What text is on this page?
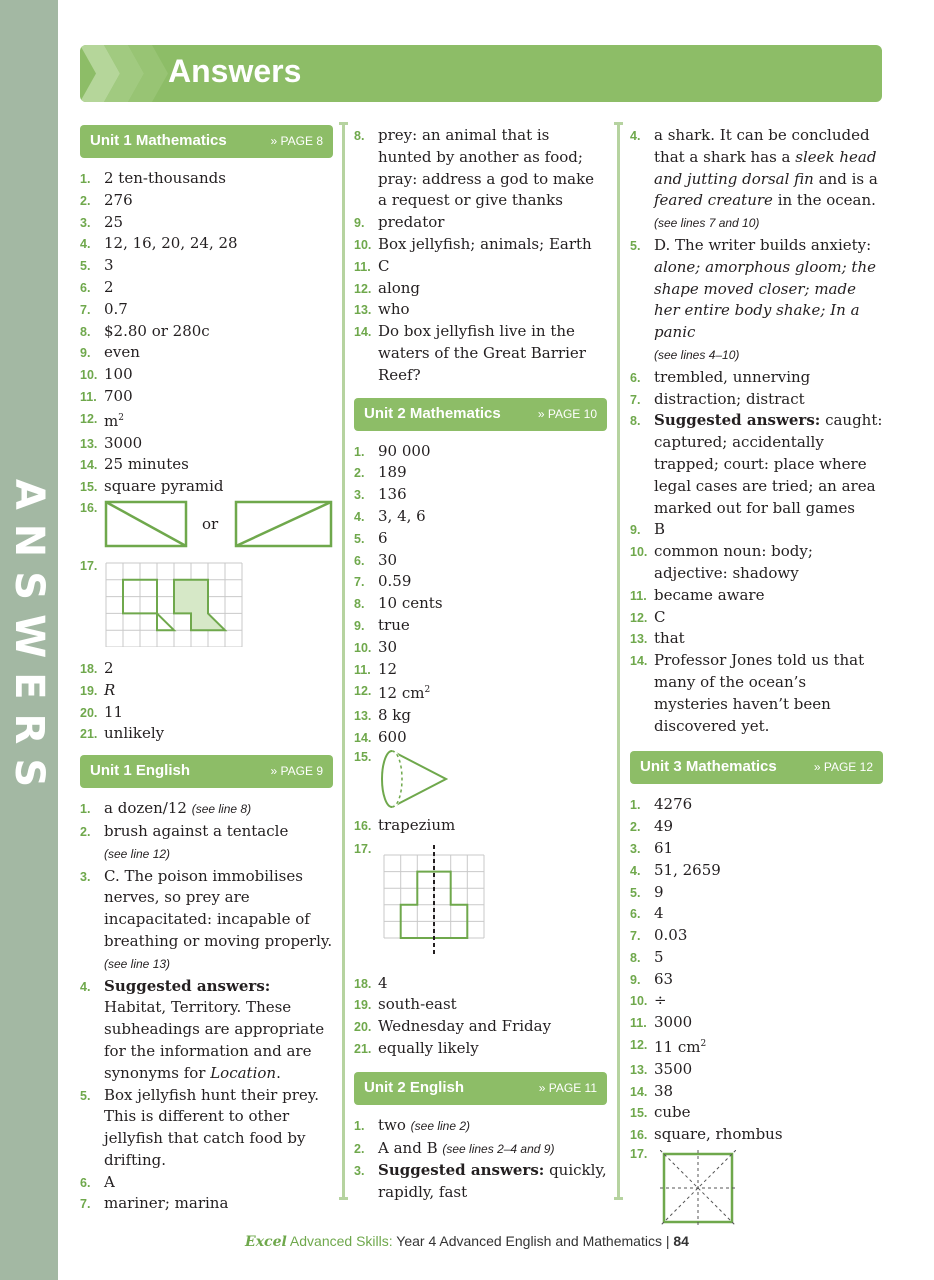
ANSWERS
Answers
Unit 1 Mathematics	» PAGE 8
1. 2 ten-thousands
2. 276
3. 25
4. 12, 16, 20, 24, 28
5. 3
6. 2
7. 0.7
8. $2.80 or 280c
9. even
10. 100
11. 700
12. $m^2$
13. 3000
14. 25 minutes
15. square pyramid
16.
or
17.
18. 2
19. R
20. 11
21. unlikely
Unit 1 English	» PAGE 9
1. a dozen/12 (see line 8)
2. brush against a tentacle
(see line 12)
3. C. The poison immobilises nerves, so prey are incapacitated: incapable of breathing or moving properly. (see line 13)
4. Suggested answers: Habitat, Territory. These subheadings are appropriate for the information and are synonyms for Location.
5. Box jellyfish hunt their prey. This is different to other jellyfish that catch food by drifting.
6. A
7. mariner; marina
8. prey: an animal that is hunted by another as food; pray: address a god to make a request or give thanks
9. predator
10. Box jellyfish; animals; Earth
11. C
12. along
13. who
14. Do box jellyfish live in the waters of the Great Barrier Reef?
Unit 2 Mathematics	» PAGE 10
1. 90 000
2. 189
3. 136
4. 3, 4, 6
5. 6
6. 30
7. 0.59
8. 10 cents
9. true
10. 30
11. 12
12. 12 $cm^2$
13. 8 kg
14. 600
15.
16. trapezium
17.
18. 4
19. south-east
20. Wednesday and Friday
21. equally likely
Unit 2 English	» PAGE 11
1. two (see line 2)
2. A and B (see lines 2–4 and 9)
3. Suggested answers: quickly, rapidly, fast
4. a shark. It can be concluded that a shark has a sleek head and jutting dorsal fin and is a feared creature in the ocean. (see lines 7 and 10)
5. D. The writer builds anxiety: alone; amorphous gloom; the shape moved closer; made her entire body shake; In a panic
(see lines 4–10)
6. trembled, unnerving
7. distraction; distract
8. Suggested answers: caught: captured; accidentally trapped; court: place where legal cases are tried; an area marked out for ball games
9. B
10. common noun: body; adjective: shadowy
11. became aware
12. C
13. that
14. Professor Jones told us that many of the ocean’s mysteries haven’t been discovered yet.
Unit 3 Mathematics	» PAGE 12
1. 4276
2. 49
3. 61
4. 51, 2659
5. 9
6. 4
7. 0.03
8. 5
9. 63
10. ÷
11. 3000
12. 11 $cm^2$
13. 3500
14. 38
15. cube
16. square, rhombus
17.
Excel Advanced Skills: Year 4 Advanced English and Mathematics | 84
